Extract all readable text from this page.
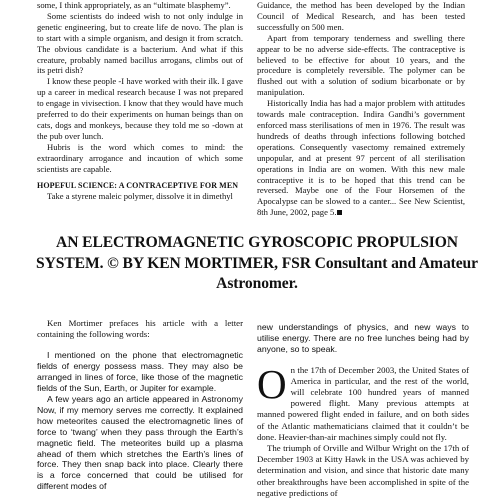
some, I think appropriately, as an “ultimate blasphemy”.

Some scientists do indeed wish to not only indulge in genetic engineering, but to create life de novo. The plan is to start with a simple organism, and design it from scratch. The obvious candidate is a bacterium. And what if this creature, probably named bacillus arrogans, climbs out of its petri dish?

I know these people -I have worked with their ilk. I gave up a career in medical research because I was not prepared to engage in vivisection. I know that they would have much preferred to do their experiments on human beings than on cats, dogs and monkeys, because they told me so -down at the pub over lunch.

Hubris is the word which comes to mind: the extraordinary arrogance and incaution of which some scientists are capable.

HOPEFUL SCIENCE: A CONTRACEPTIVE FOR MEN

Take a styrene maleic polymer, dissolve it in dimethyl

Guidance, the method has been developed by the Indian Council of Medical Research, and has been tested successfully on 500 men.

Apart from temporary tenderness and swelling there appear to be no adverse side-effects. The contraceptive is believed to be effective for about 10 years, and the procedure is completely reversible. The polymer can be flushed out with a solution of sodium bicarbonate or by manipulation.

Historically India has had a major problem with attitudes towards male contraception. Indira Gandhi’s government enforced mass sterilisations of men in 1976. The result was hundreds of deaths through infections following botched operations. Consequently vasectomy remained extremely unpopular, and at present 97 percent of all sterilisation operations in India are on women. With this new male contraceptive it is to be hoped that this trend can be reversed. Maybe one of the Four Horsemen of the Apocalypse can be slowed to a canter... See New Scientist, 8th June, 2002, page 5.

AN ELECTROMAGNETIC GYROSCOPIC PROPULSION SYSTEM. © BY KEN MORTIMER, FSR Consultant and Amateur Astronomer.

Ken Mortimer prefaces his article with a letter containing the following words:

I mentioned on the phone that electromagnetic fields of energy possess mass. They may also be arranged in lines of force, like those of the magnetic fields of the Sun, Earth, or Jupiter for example.

A few years ago an article appeared in Astronomy Now, if my memory serves me correctly. It explained how meteorites caused the electromagnetic lines of force to ‘twang’ when they pass through the Earth’s magnetic field. The meteorites build up a plasma ahead of them which stretches the Earth’s lines of force. They then snap back into place. Clearly there is a force concerned that could be utilised for different modes of

new understandings of physics, and new ways to utilise energy. There are no free lunches being had by anyone, so to speak.

On the 17th of December 2003, the United States of America in particular, and the rest of the world, will celebrate 100 hundred years of manned powered flight. Many previous attempts at manned powered flight ended in failure, and on both sides of the Atlantic mathematicians claimed that it couldn’t be done. Heavier-than-air machines simply could not fly.

The triumph of Orville and Wilbur Wright on the 17th of December 1903 at Kitty Hawk in the USA was achieved by determination and vision, and since that historic date many other breakthroughs have been accomplished in spite of the negative predictions of
